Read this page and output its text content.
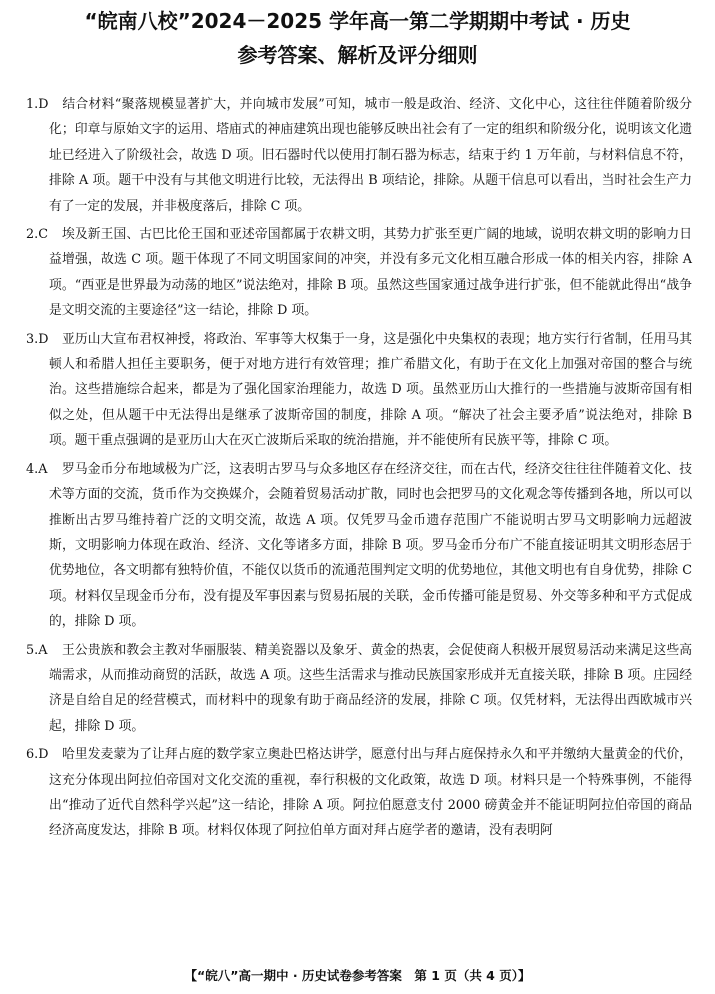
“皖南八校”2024－2025 学年高一第二学期期中考试 · 历史
参考答案、解析及评分细则

1.D 结合材料“聚落规模显著扩大，并向城市发展”可知，城市一般是政治、经济、文化中心，这往往伴随着阶级分化；印章与原始文字的运用、塔庙式的神庙建筑出现也能够反映出社会有了一定的组织和阶级分化，说明该文化遗址已经进入了阶级社会，故选 D 项。旧石器时代以使用打制石器为标志，结束于约 1 万年前，与材料信息不符，排除 A 项。题干中没有与其他文明进行比较，无法得出 B 项结论，排除。从题干信息可以看出，当时社会生产力有了一定的发展，并非极度落后，排除 C 项。

2.C 埃及新王国、古巴比伦王国和亚述帝国都属于农耕文明，其势力扩张至更广阔的地域，说明农耕文明的影响力日益增强，故选 C 项。题干体现了不同文明国家间的冲突，并没有多元文化相互融合形成一体的相关内容，排除 A 项。“西亚是世界最为动荡的地区”说法绝对，排除 B 项。虽然这些国家通过战争进行扩张，但不能就此得出“战争是文明交流的主要途径”这一结论，排除 D 项。

3.D 亚历山大宣布君权神授，将政治、军事等大权集于一身，这是强化中央集权的表现；地方实行行省制，任用马其顿人和希腊人担任主要职务，便于对地方进行有效管理；推广希腊文化，有助于在文化上加强对帝国的整合与统治。这些措施综合起来，都是为了强化国家治理能力，故选 D 项。虽然亚历山大推行的一些措施与波斯帝国有相似之处，但从题干中无法得出是继承了波斯帝国的制度，排除 A 项。“解决了社会主要矛盾”说法绝对，排除 B 项。题干重点强调的是亚历山大在灭亡波斯后采取的统治措施，并不能使所有民族平等，排除 C 项。

4.A 罗马金币分布地域极为广泛，这表明古罗马与众多地区存在经济交往，而在古代，经济交往往往伴随着文化、技术等方面的交流，货币作为交换媒介，会随着贸易活动扩散，同时也会把罗马的文化观念等传播到各地，所以可以推断出古罗马维持着广泛的文明交流，故选 A 项。仅凭罗马金币遗存范围广不能说明古罗马文明影响力远超波斯，文明影响力体现在政治、经济、文化等诸多方面，排除 B 项。罗马金币分布广不能直接证明其文明形态居于优势地位，各文明都有独特价值，不能仅以货币的流通范围判定文明的优势地位，其他文明也有自身优势，排除 C 项。材料仅呈现金币分布，没有提及军事因素与贸易拓展的关联，金币传播可能是贸易、外交等多种和平方式促成的，排除 D 项。

5.A 王公贵族和教会主教对华丽服装、精美瓷器以及象牙、黄金的热衷，会促使商人积极开展贸易活动来满足这些高端需求，从而推动商贸的活跃，故选 A 项。这些生活需求与推动民族国家形成并无直接关联，排除 B 项。庄园经济是自给自足的经营模式，而材料中的现象有助于商品经济的发展，排除 C 项。仅凭材料，无法得出西欧城市兴起，排除 D 项。

6.D 哈里发麦蒙为了让拜占庭的数学家立奥赴巴格达讲学，愿意付出与拜占庭保持永久和平并缴纳大量黄金的代价，这充分体现出阿拉伯帝国对文化交流的重视，奉行积极的文化政策，故选 D 项。材料只是一个特殊事例，不能得出“推动了近代自然科学兴起”这一结论，排除 A 项。阿拉伯愿意支付 2000 磅黄金并不能证明阿拉伯帝国的商品经济高度发达，排除 B 项。材料仅体现了阿拉伯单方面对拜占庭学者的邀请，没有表明阿

【“皖八”高一期中 · 历史试卷参考答案　第 1 页（共 4 页）】
